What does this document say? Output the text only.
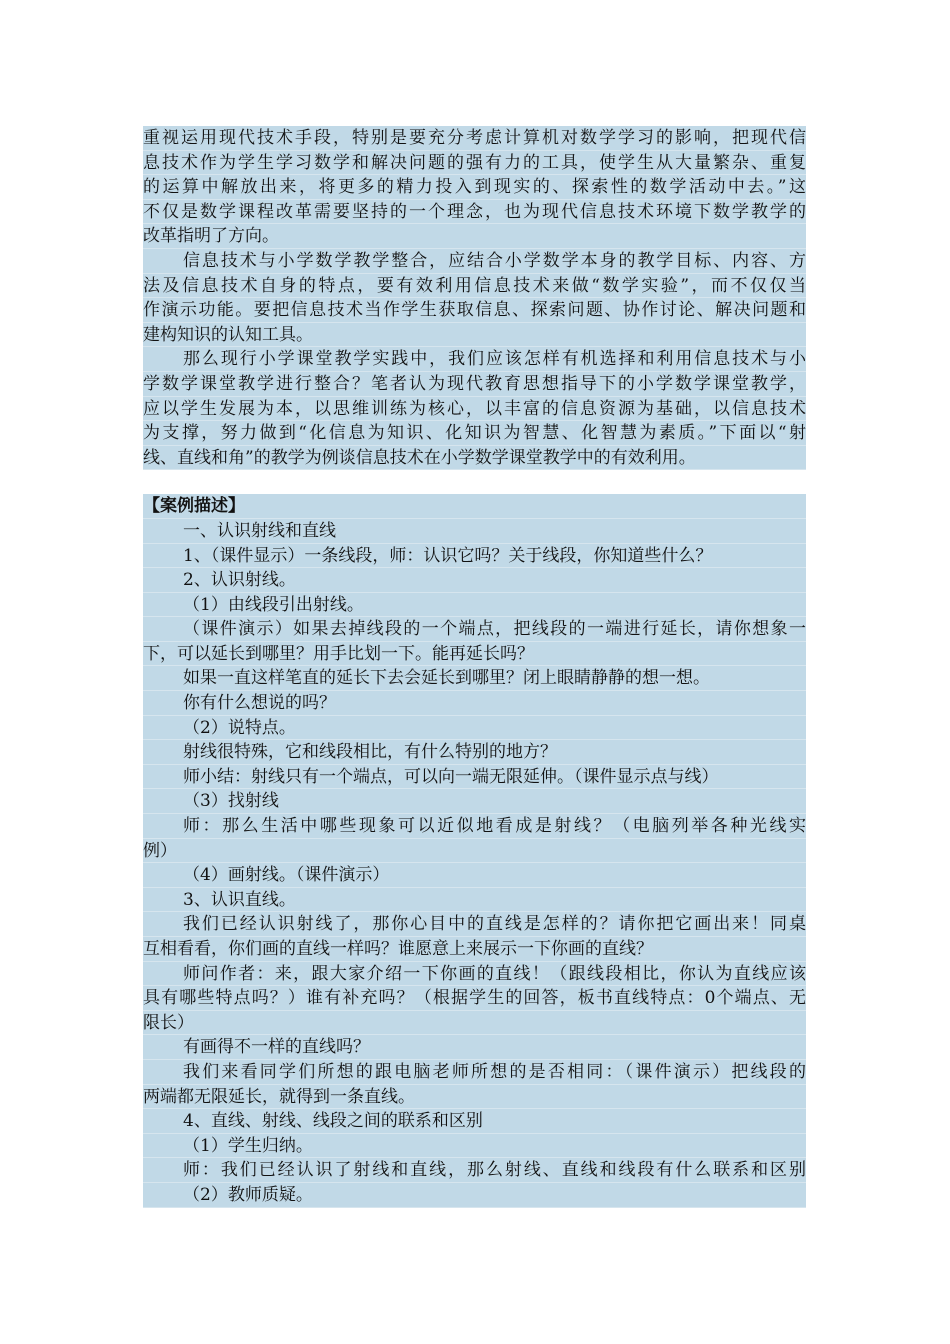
重视运用现代技术手段，特别是要充分考虑计算机对数学学习的影响，把现代信
息技术作为学生学习数学和解决问题的强有力的工具，使学生从大量繁杂、重复
的运算中解放出来，将更多的精力投入到现实的、探索性的数学活动中去。”这
不仅是数学课程改革需要坚持的一个理念，也为现代信息技术环境下数学教学的
改革指明了方向。
信息技术与小学数学教学整合，应结合小学数学本身的教学目标、内容、方
法及信息技术自身的特点，要有效利用信息技术来做“数学实验”，而不仅仅当
作演示功能。要把信息技术当作学生获取信息、探索问题、协作讨论、解决问题和
建构知识的认知工具。
那么现行小学课堂教学实践中，我们应该怎样有机选择和利用信息技术与小
学数学课堂教学进行整合？笔者认为现代教育思想指导下的小学数学课堂教学，
应以学生发展为本，以思维训练为核心，以丰富的信息资源为基础，以信息技术
为支撑，努力做到“化信息为知识、化知识为智慧、化智慧为素质。”下面以“射
线、直线和角”的教学为例谈信息技术在小学数学课堂教学中的有效利用。
【案例描述】
一、认识射线和直线
1、（课件显示）一条线段，师：认识它吗？关于线段，你知道些什么？
2、认识射线。
（1）由线段引出射线。
（课件演示）如果去掉线段的一个端点，把线段的一端进行延长，请你想象一
下，可以延长到哪里？用手比划一下。能再延长吗？
如果一直这样笔直的延长下去会延长到哪里？闭上眼睛静静的想一想。
你有什么想说的吗？
（2）说特点。
射线很特殊，它和线段相比，有什么特别的地方？
师小结：射线只有一个端点，可以向一端无限延伸。（课件显示点与线）
（3）找射线
师：那么生活中哪些现象可以近似地看成是射线？（电脑列举各种光线实
例）
（4）画射线。（课件演示）
3、认识直线。
我们已经认识射线了，那你心目中的直线是怎样的？请你把它画出来！同桌
互相看看，你们画的直线一样吗？谁愿意上来展示一下你画的直线？
师问作者：来，跟大家介绍一下你画的直线！（跟线段相比，你认为直线应该
具有哪些特点吗？）谁有补充吗？（根据学生的回答，板书直线特点：0个端点、无
限长）
有画得不一样的直线吗？
我们来看同学们所想的跟电脑老师所想的是否相同：（课件演示）把线段的
两端都无限延长，就得到一条直线。
4、直线、射线、线段之间的联系和区别
（1）学生归纳。
师：我们已经认识了射线和直线，那么射线、直线和线段有什么联系和区别
（2）教师质疑。
